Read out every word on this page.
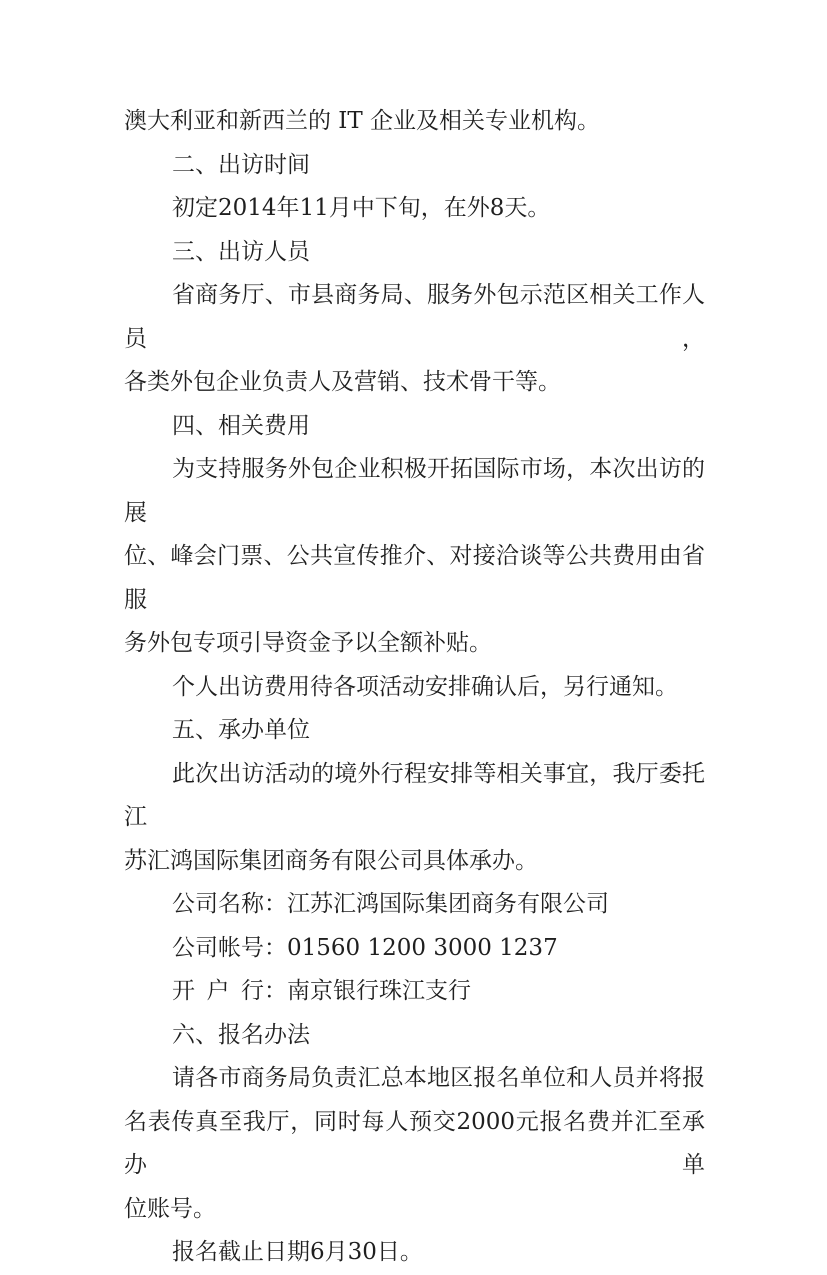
澳大利亚和新西兰的 IT 企业及相关专业机构。
二、出访时间
初定2014年11月中下旬，在外8天。
三、出访人员
省商务厅、市县商务局、服务外包示范区相关工作人员，
各类外包企业负责人及营销、技术骨干等。
四、相关费用
为支持服务外包企业积极开拓国际市场，本次出访的展
位、峰会门票、公共宣传推介、对接洽谈等公共费用由省服
务外包专项引导资金予以全额补贴。
个人出访费用待各项活动安排确认后，另行通知。
五、承办单位
此次出访活动的境外行程安排等相关事宜，我厅委托江
苏汇鸿国际集团商务有限公司具体承办。
公司名称：江苏汇鸿国际集团商务有限公司
公司帐号：01560 1200 3000 1237
开 户 行：南京银行珠江支行
六、报名办法
请各市商务局负责汇总本地区报名单位和人员并将报
名表传真至我厅，同时每人预交2000元报名费并汇至承办单
位账号。
报名截止日期6月30日。
